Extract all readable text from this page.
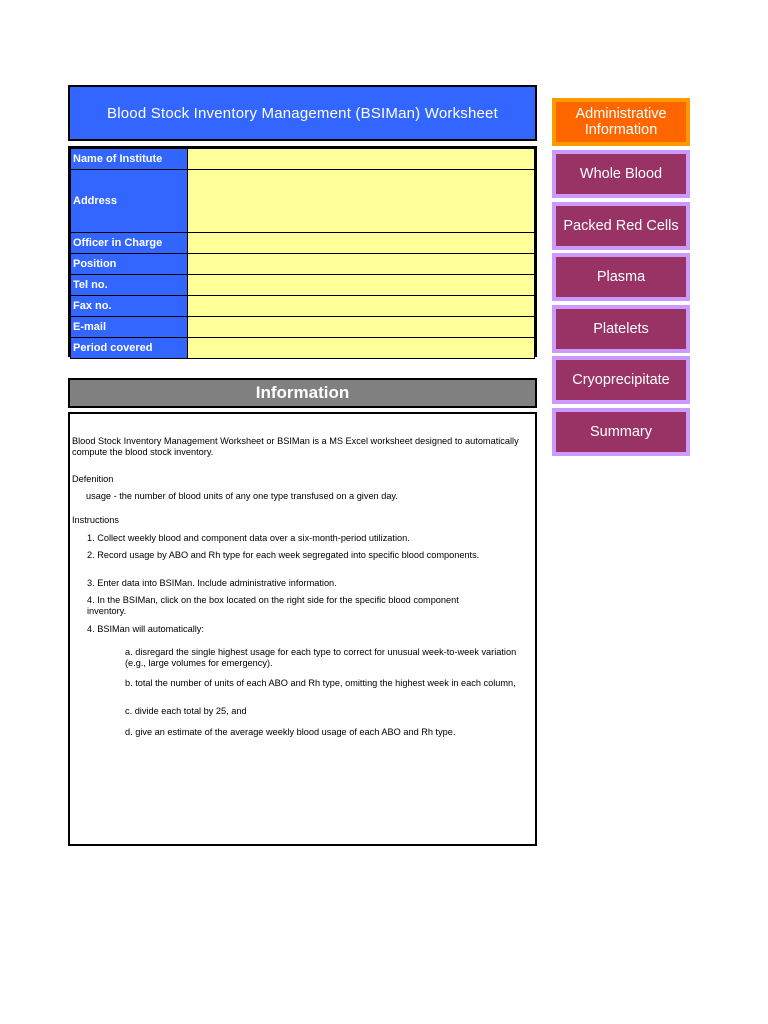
Blood Stock Inventory Management (BSIMan) Worksheet
Name of Institute	
Address	
Officer in Charge	
Position	
Tel no.	
Fax no.	
E-mail	
Period covered	
Information

Blood Stock Inventory Management Worksheet or BSIMan is a MS Excel worksheet designed to automatically compute the blood stock inventory.

Defenition

usage - the number of blood units of any one type transfused on a given day.

Instructions

1. Collect weekly blood and component data over a six-month-period utilization.

2. Record usage by ABO and Rh type for each week segregated into specific blood components.

3. Enter data into BSIMan. Include administrative information.

4. In the BSIMan, click on the box located on the right side for the specific blood component inventory.

4. BSIMan will automatically:

a. disregard the single highest usage for each type to correct for unusual week-to-week variation (e.g., large volumes for emergency).

b. total the number of units of each ABO and Rh type, omitting the highest week in each column,

c. divide each total by 25, and

d. give an estimate of the average weekly blood usage of each ABO and Rh type.

Administrative Information
Whole Blood
Packed Red Cells
Plasma
Platelets
Cryoprecipitate
Summary
